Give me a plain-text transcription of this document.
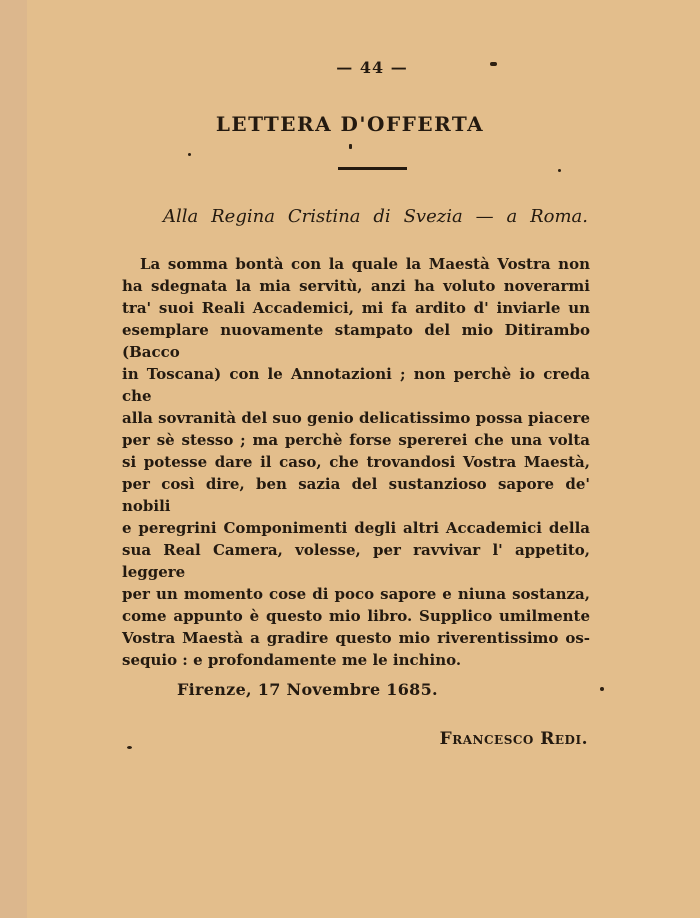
— 44 —
LETTERA D'OFFERTA
Alla Regina Cristina di Svezia — a Roma.
La somma bontà con la quale la Maestà Vostra non
ha sdegnata la mia servitù, anzi ha voluto noverarmi
tra' suoi Reali Accademici, mi fa ardito d' inviarle un
esemplare nuovamente stampato del mio Ditirambo (Bacco
in Toscana) con le Annotazioni ; non perchè io creda che
alla sovranità del suo genio delicatissimo possa piacere
per sè stesso ; ma perchè forse spererei che una volta
si potesse dare il caso, che trovandosi Vostra Maestà,
per così dire, ben sazia del sustanzioso sapore de' nobili
e peregrini Componimenti degli altri Accademici della
sua Real Camera, volesse, per ravvivar l' appetito, leggere
per un momento cose di poco sapore e niuna sostanza,
come appunto è questo mio libro. Supplico umilmente
Vostra Maestà a gradire questo mio riverentissimo os-
sequio : e profondamente me le inchino.
Firenze, 17 Novembre 1685.
Francesco Redi.
